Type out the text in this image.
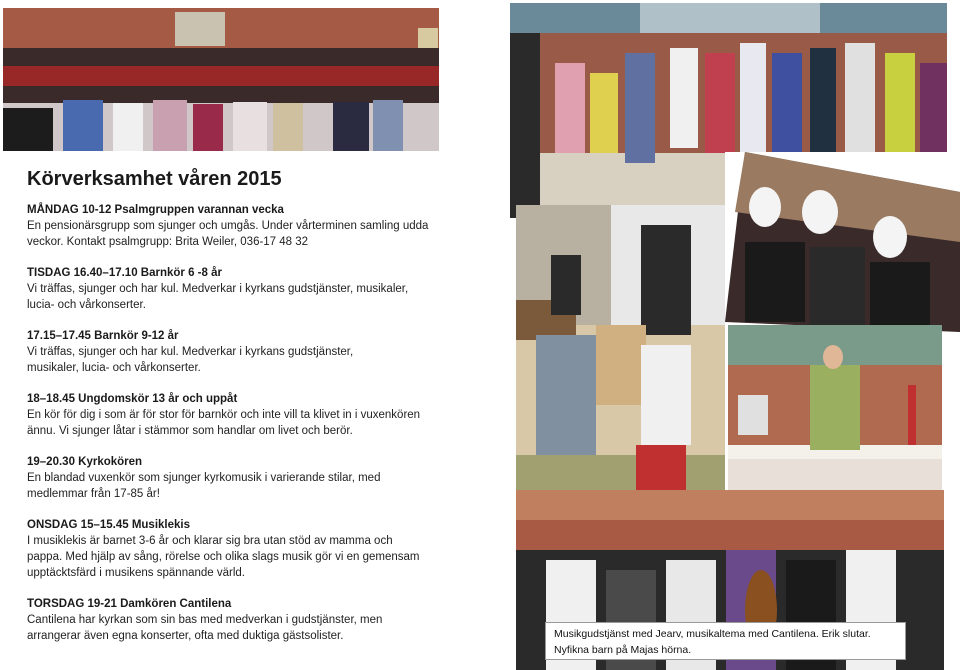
Körverksamhet våren 2015
MÅNDAG 10-12 Psalmgruppen varannan vecka
En pensionärsgrupp som sjunger och umgås. Under vårterminen samling udda
veckor. Kontakt psalmgrupp: Brita Weiler, 036-17 48 32
TISDAG 16.40–17.10 Barnkör 6 -8 år
Vi träffas, sjunger och har kul. Medverkar i kyrkans gudstjänster, musikaler,
lucia- och vårkonserter.
17.15–17.45 Barnkör 9-12 år
Vi träffas, sjunger och har kul. Medverkar i kyrkans gudstjänster,
musikaler, lucia- och vårkonserter.
18–18.45 Ungdomskör 13 år och uppåt
En kör för dig i som är för stor för barnkör och inte vill ta klivet in i vuxenkören
ännu. Vi sjunger låtar i stämmor som handlar om livet och berör.
19–20.30 Kyrkokören
En blandad vuxenkör som sjunger kyrkomusik i varierande stilar, med
medlemmar från 17-85 år!
ONSDAG 15–15.45 Musiklekis
I musiklekis är barnet 3-6 år och klarar sig bra utan stöd av mamma och
pappa. Med hjälp av sång, rörelse och olika slags musik gör vi en gemensam
upptäcktsfärd i musikens spännande värld.
TORSDAG 19-21 Damkören Cantilena
Cantilena har kyrkan som sin bas med medverkan i gudstjänster, men
arrangerar även egna konserter, ofta med duktiga gästsolister.	Musikgudstjänst med Jearv, musikaltema med Cantilena. Erik slutar.
Nyfikna barn på Majas hörna.
